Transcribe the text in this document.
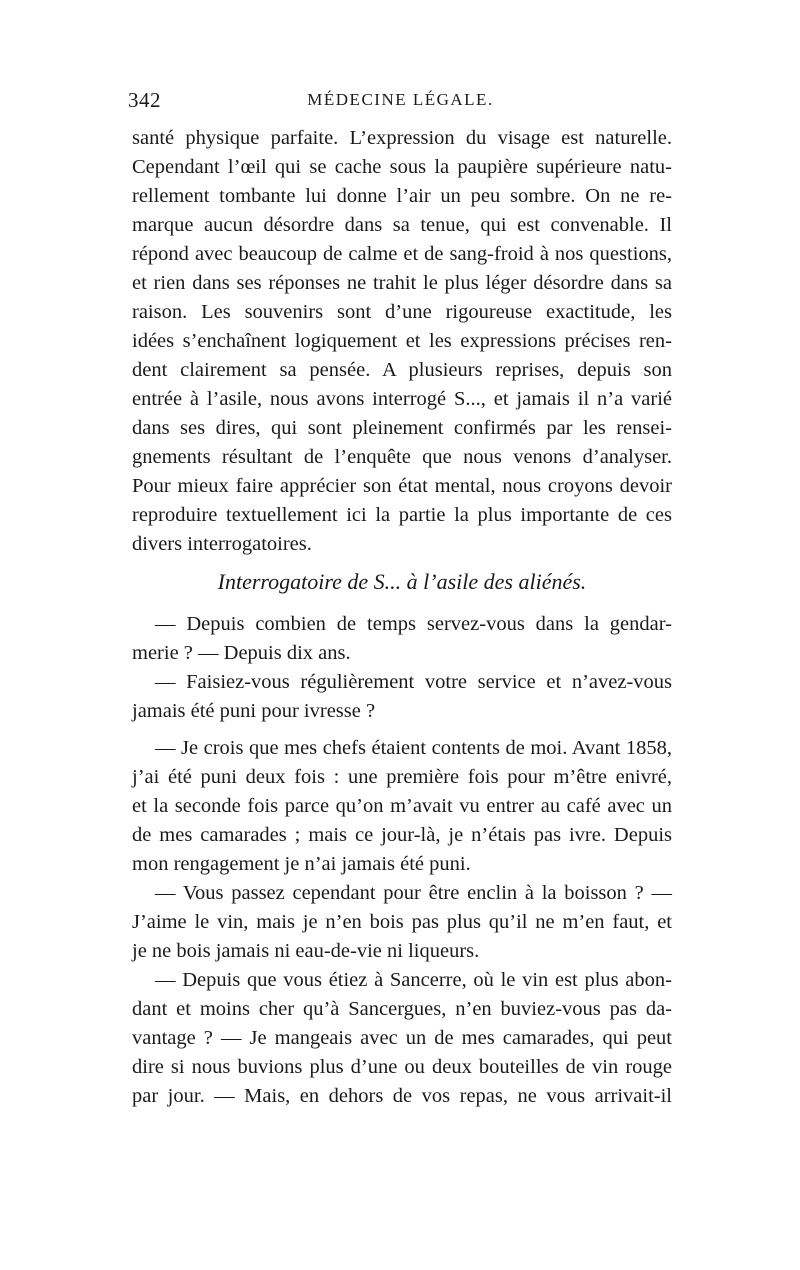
342	MÉDECINE LÉGALE.
santé physique parfaite. L’expression du visage est naturelle.
Cependant l’œil qui se cache sous la paupière supérieure natu-
rellement tombante lui donne l’air un peu sombre. On ne re-
marque aucun désordre dans sa tenue, qui est convenable. Il
répond avec beaucoup de calme et de sang-froid à nos questions,
et rien dans ses réponses ne trahit le plus léger désordre dans sa
raison. Les souvenirs sont d’une rigoureuse exactitude, les
idées s’enchaînent logiquement et les expressions précises ren-
dent clairement sa pensée. A plusieurs reprises, depuis son
entrée à l’asile, nous avons interrogé S..., et jamais il n’a varié
dans ses dires, qui sont pleinement confirmés par les rensei-
gnements résultant de l’enquête que nous venons d’analyser.
Pour mieux faire apprécier son état mental, nous croyons devoir
reproduire textuellement ici la partie la plus importante de ces
divers interrogatoires.
Interrogatoire de S... à l’asile des aliénés.
— Depuis combien de temps servez-vous dans la gendar-
merie ? — Depuis dix ans.
— Faisiez-vous régulièrement votre service et n’avez-vous
jamais été puni pour ivresse ?
— Je crois que mes chefs étaient contents de moi. Avant 1858,
j’ai été puni deux fois : une première fois pour m’être enivré,
et la seconde fois parce qu’on m’avait vu entrer au café avec un
de mes camarades ; mais ce jour-là, je n’étais pas ivre. Depuis
mon rengagement je n’ai jamais été puni.
— Vous passez cependant pour être enclin à la boisson ? —
J’aime le vin, mais je n’en bois pas plus qu’il ne m’en faut, et
je ne bois jamais ni eau-de-vie ni liqueurs.
— Depuis que vous étiez à Sancerre, où le vin est plus abon-
dant et moins cher qu’à Sancergues, n’en buviez-vous pas da-
vantage ? — Je mangeais avec un de mes camarades, qui peut
dire si nous buvions plus d’une ou deux bouteilles de vin rouge
par jour. — Mais, en dehors de vos repas, ne vous arrivait-il
